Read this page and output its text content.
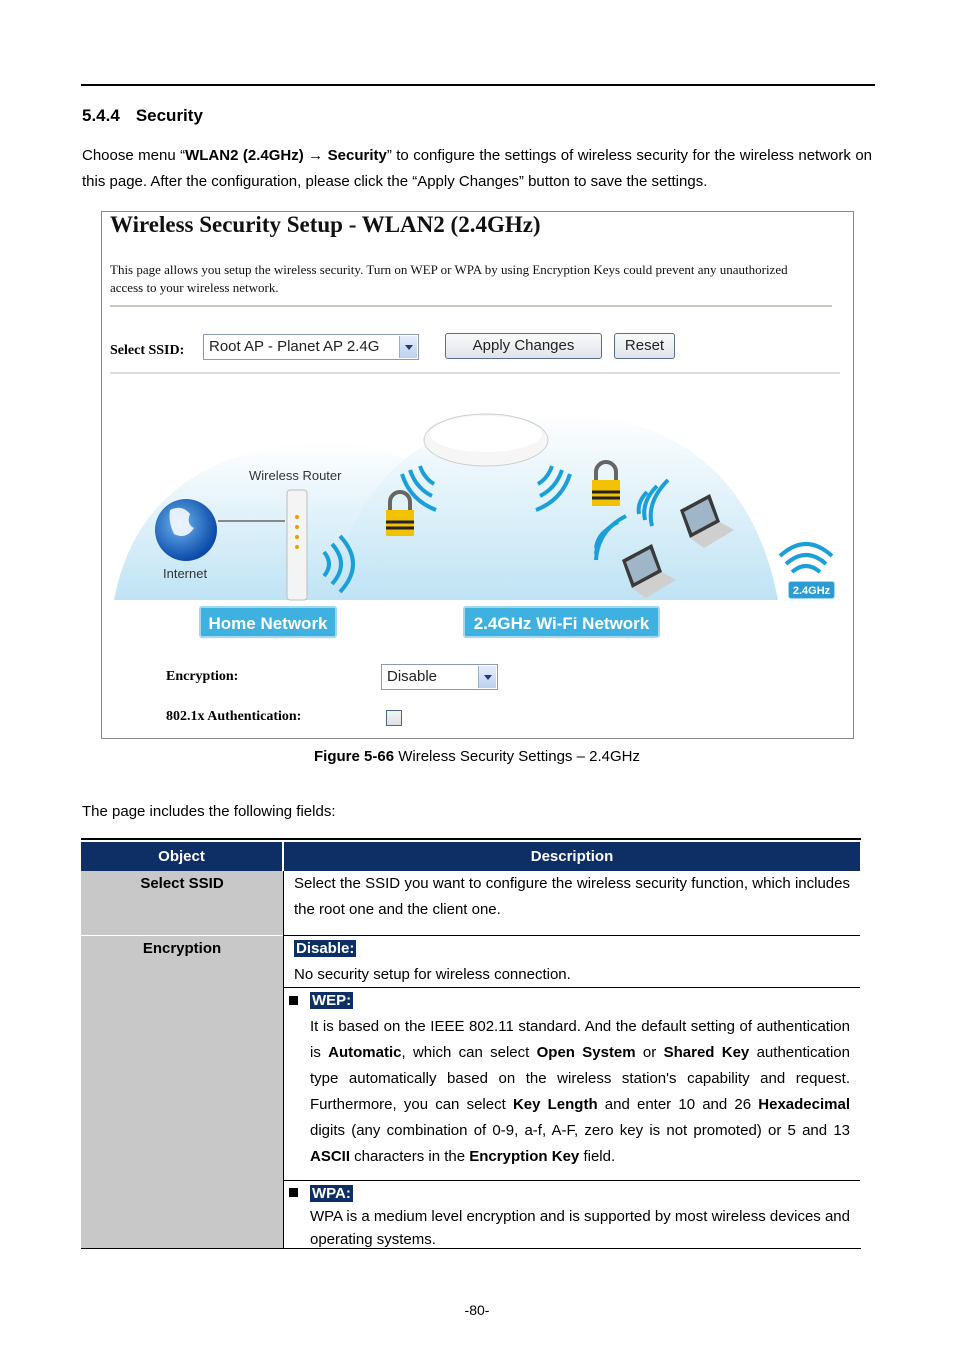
5.4.4 Security
Choose menu “WLAN2 (2.4GHz) → Security” to configure the settings of wireless security for the wireless network on this page. After the configuration, please click the “Apply Changes” button to save the settings.
Wireless Security Setup - WLAN2 (2.4GHz)
This page allows you setup the wireless security. Turn on WEP or WPA by using Encryption Keys could prevent any unauthorized access to your wireless network.
Select SSID:	Root AP - Planet AP 2.4G	Apply Changes	Reset
Wireless Router
Internet
Home Network	2.4GHz Wi-Fi Network
2.4GHz
Encryption:	Disable
802.1x Authentication:
Figure 5-66 Wireless Security Settings – 2.4GHz
The page includes the following fields:
Object	Description
Select SSID	Select the SSID you want to configure the wireless security function, which includes the root one and the client one.
Encryption	Disable:
No security setup for wireless connection.
WEP:
It is based on the IEEE 802.11 standard. And the default setting of authentication is Automatic, which can select Open System or Shared Key authentication type automatically based on the wireless station's capability and request. Furthermore, you can select Key Length and enter 10 and 26 Hexadecimal digits (any combination of 0-9, a-f, A-F, zero key is not promoted) or 5 and 13 ASCII characters in the Encryption Key field.
WPA:
WPA is a medium level encryption and is supported by most wireless devices and operating systems.
-80-
